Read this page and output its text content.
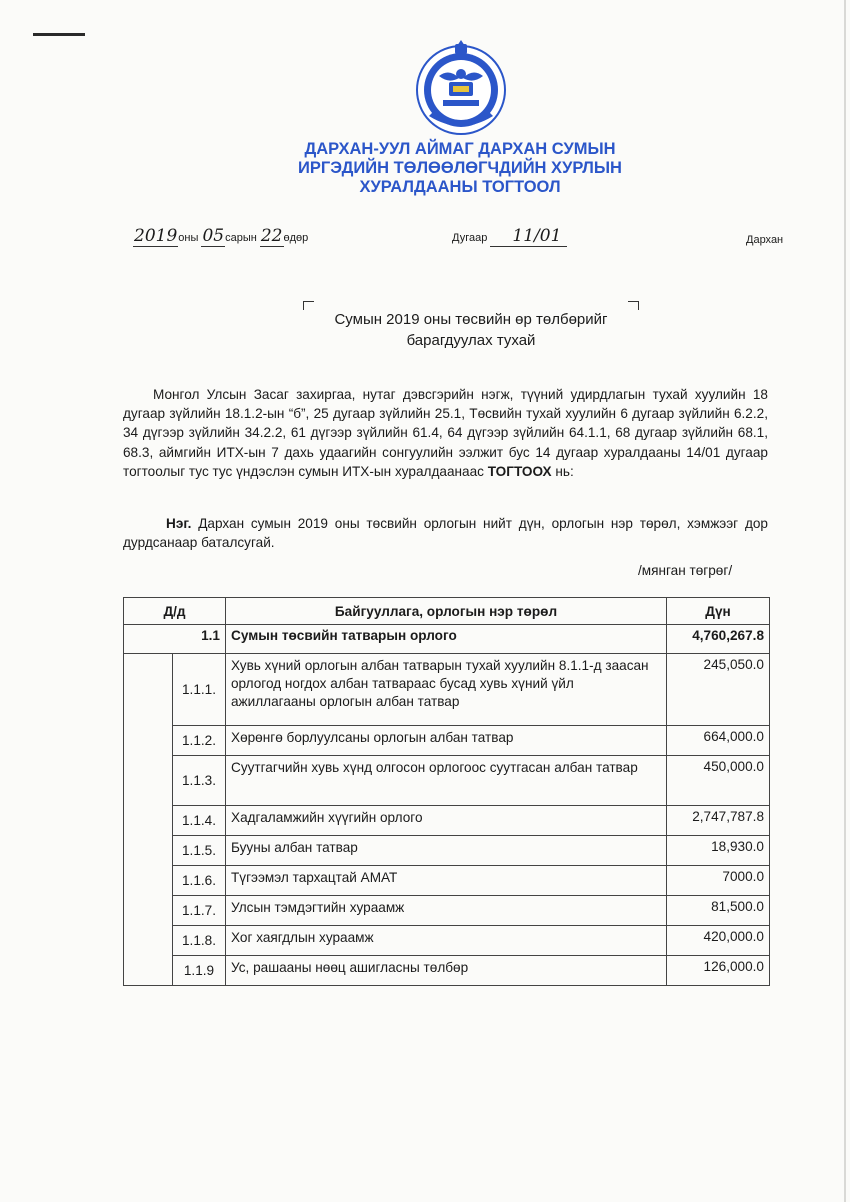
ДАРХАН-УУЛ АЙМАГ ДАРХАН СУМЫН
ИРГЭДИЙН ТӨЛӨӨЛӨГЧДИЙН ХУРЛЫН
ХУРАЛДААНЫ ТОГТООЛ
2019оны 05сарын 22өдөр	Дугаар 11/01	Дархан
Сумын 2019 оны төсвийн өр төлбөрийг
барагдуулах тухай
Монгол Улсын Засаг захиргаа, нутаг дэвсгэрийн нэгж, түүний удирдлагын тухай хуулийн 18 дугаар зүйлийн 18.1.2-ын “б”, 25 дугаар зүйлийн 25.1, Төсвийн тухай хуулийн 6 дугаар зүйлийн 6.2.2, 34 дүгээр зүйлийн 34.2.2, 61 дүгээр зүйлийн 61.4, 64 дүгээр зүйлийн 64.1.1, 68 дугаар зүйлийн 68.1, 68.3, аймгийн ИТХ-ын 7 дахь удаагийн сонгуулийн ээлжит бус 14 дугаар хуралдааны 14/01 дугаар тогтоолыг тус тус үндэслэн сумын ИТХ-ын хуралдаанаас ТОГТООХ нь:
Нэг. Дархан сумын 2019 оны төсвийн орлогын нийт дүн, орлогын нэр төрөл, хэмжээг дор дурдсанаар баталсугай.
/мянган төгрөг/
Д/д		Байгууллага, орлогын нэр төрөл	Дүн
1.1		Сумын төсвийн татварын орлого	4,760,267.8
	1.1.1.	Хувь хүний орлогын албан татварын тухай хуулийн 8.1.1-д заасан орлогод ногдох албан татвараас бусад хувь хүний үйл ажиллагааны орлогын албан татвар	245,050.0
	1.1.2.	Хөрөнгө борлуулсаны орлогын албан татвар	664,000.0
	1.1.3.	Суутгагчийн хувь хүнд олгосон орлогоос суутгасан албан татвар	450,000.0
	1.1.4.	Хадгаламжийн хүүгийн орлого	2,747,787.8
	1.1.5.	Бууны албан татвар	18,930.0
	1.1.6.	Түгээмэл тархацтай АМАТ	7000.0
	1.1.7.	Улсын тэмдэгтийн хураамж	81,500.0
	1.1.8.	Хог хаягдлын хураамж	420,000.0
	1.1.9	Ус, рашааны нөөц ашигласны төлбөр	126,000.0
